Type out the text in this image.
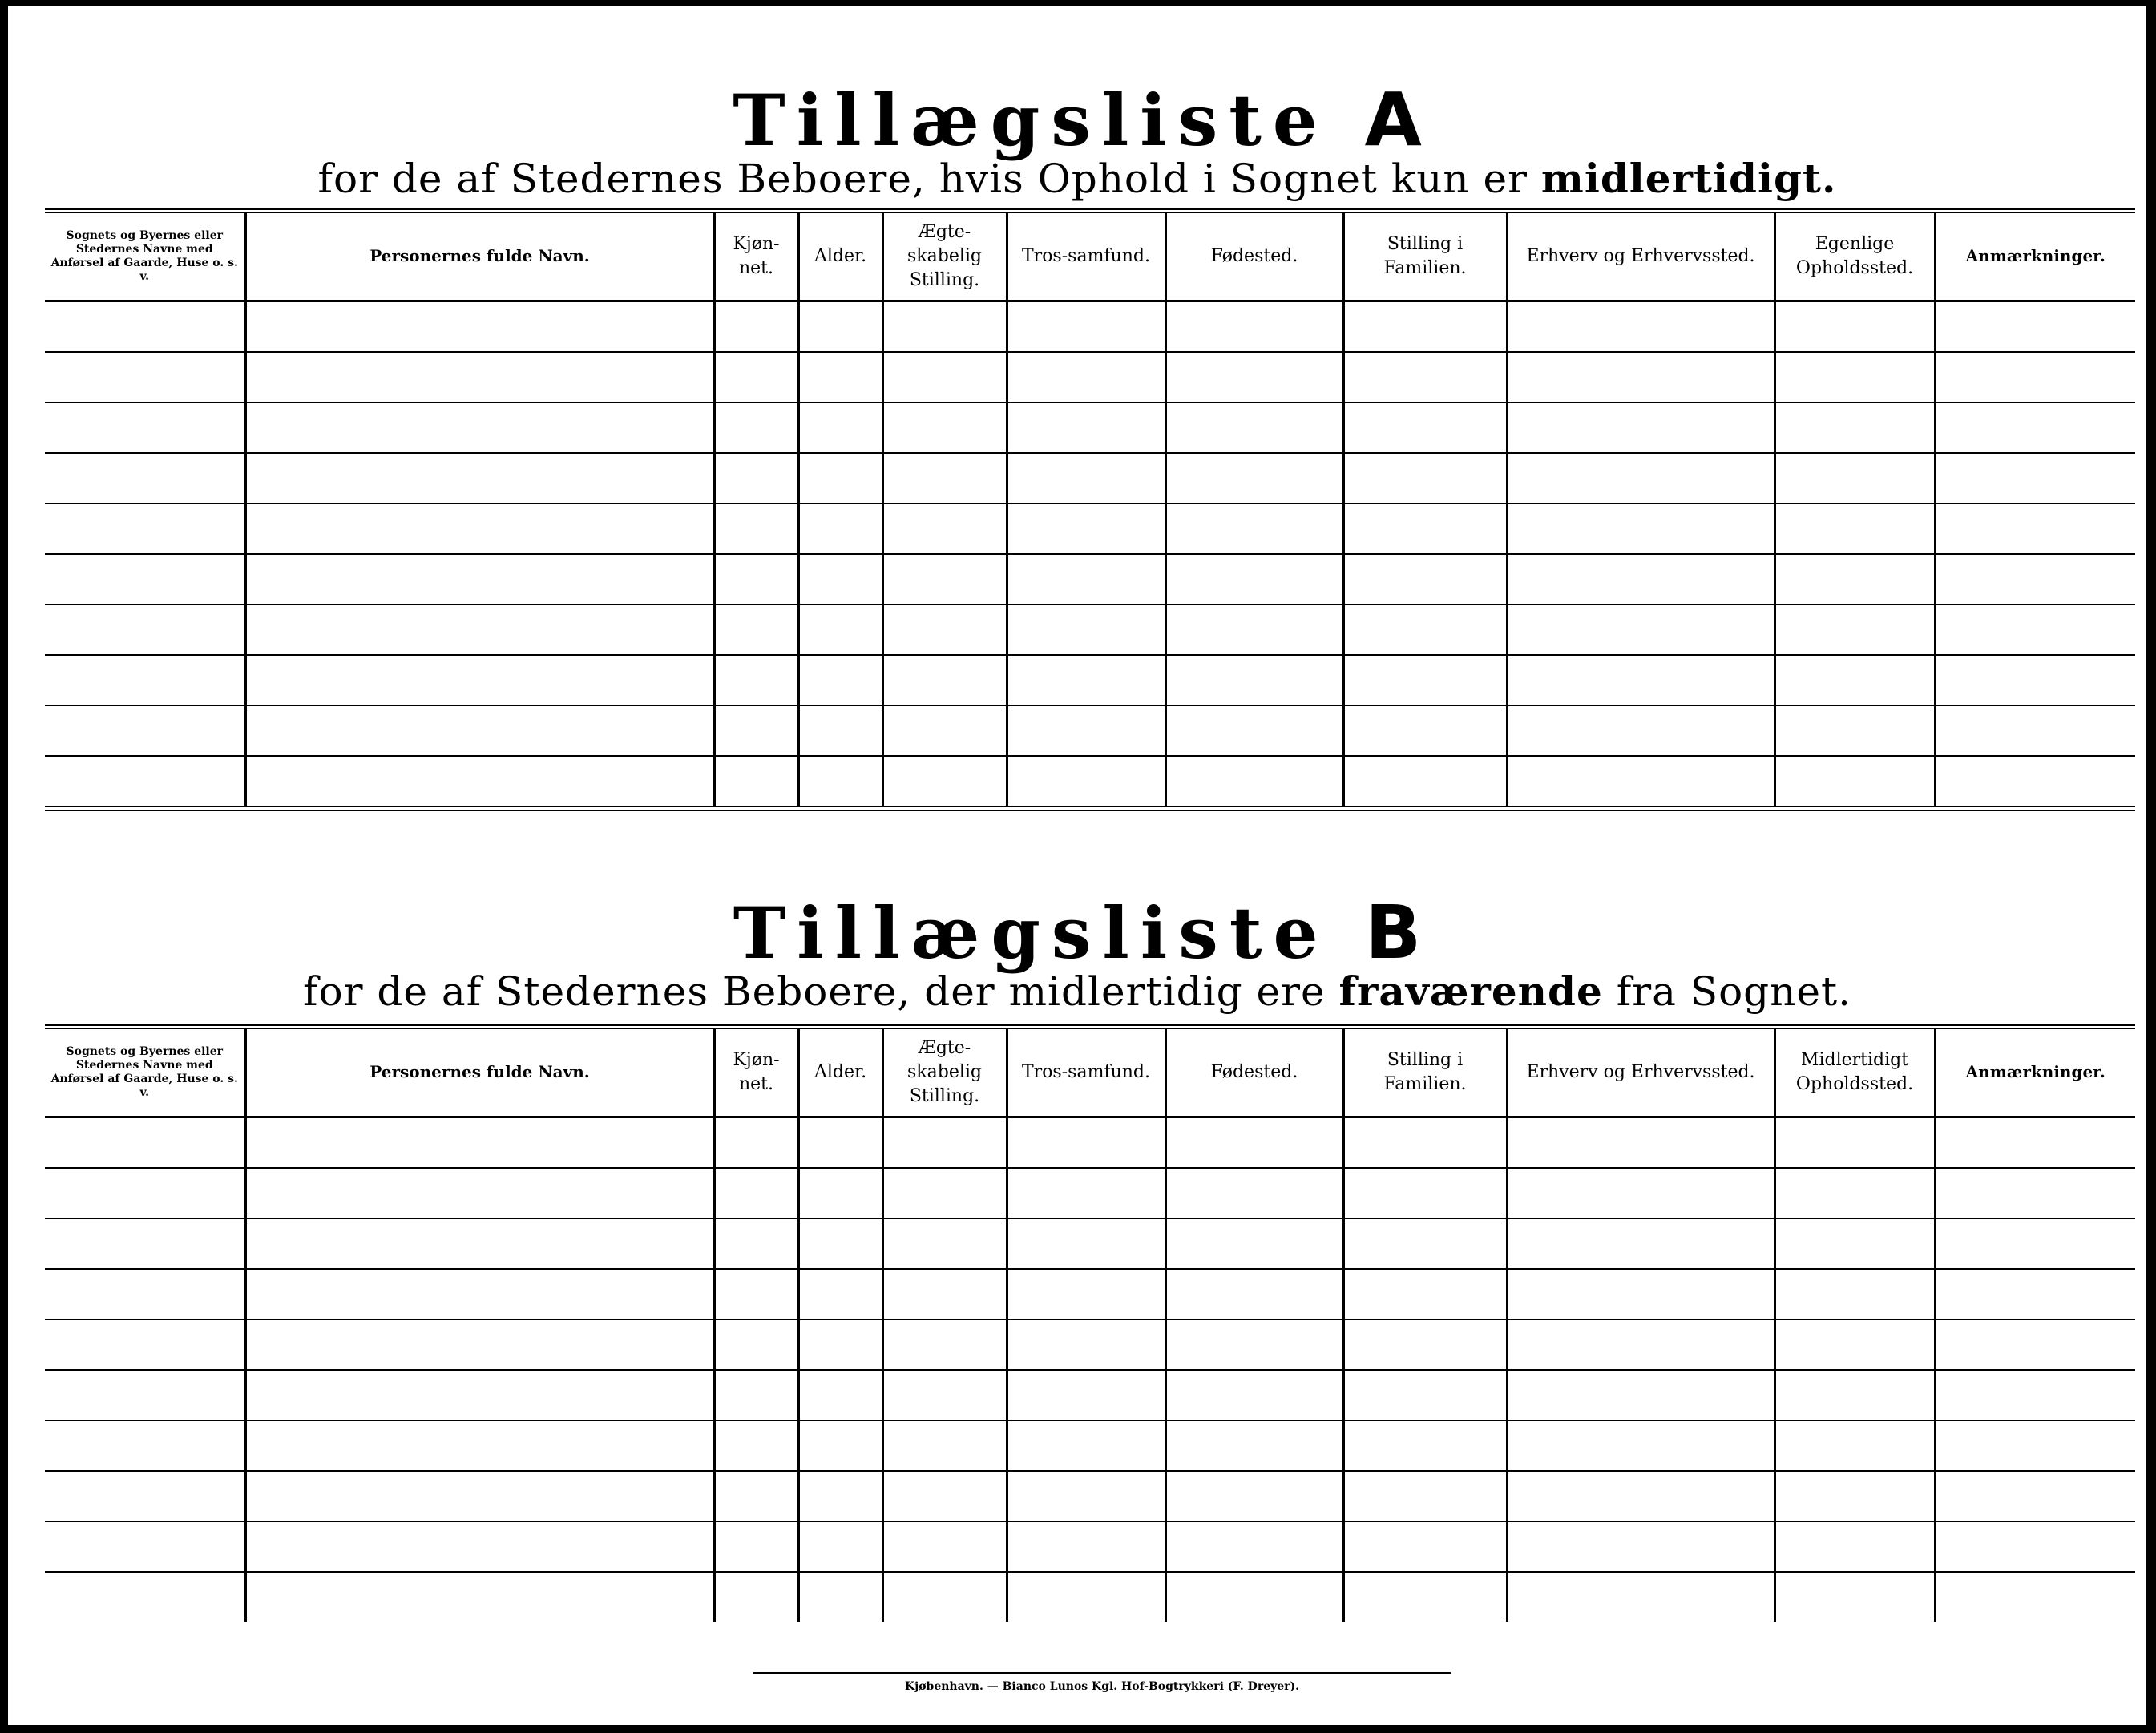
Tillægsliste A
for de af Stedernes Beboere, hvis Ophold i Sognet kun er midlertidigt.
Sognets og Byernes eller Stedernes Navne med Anførsel af Gaarde, Huse o. s. v.	Personernes fulde Navn.	Kjøn-net.	Alder.	Ægte-skabelig Stilling.	Tros-samfund.	Fødested.	Stilling i Familien.	Erhverv og Erhvervssted.	Egenlige Opholdssted.	Anmærkninger.

Tillægsliste B
for de af Stedernes Beboere, der midlertidig ere fraværende fra Sognet.
Sognets og Byernes eller Stedernes Navne med Anførsel af Gaarde, Huse o. s. v.	Personernes fulde Navn.	Kjøn-net.	Alder.	Ægte-skabelig Stilling.	Tros-samfund.	Fødested.	Stilling i Familien.	Erhverv og Erhvervssted.	Midlertidigt Opholdssted.	Anmærkninger.

Kjøbenhavn. — Bianco Lunos Kgl. Hof-Bogtrykkeri (F. Dreyer).
